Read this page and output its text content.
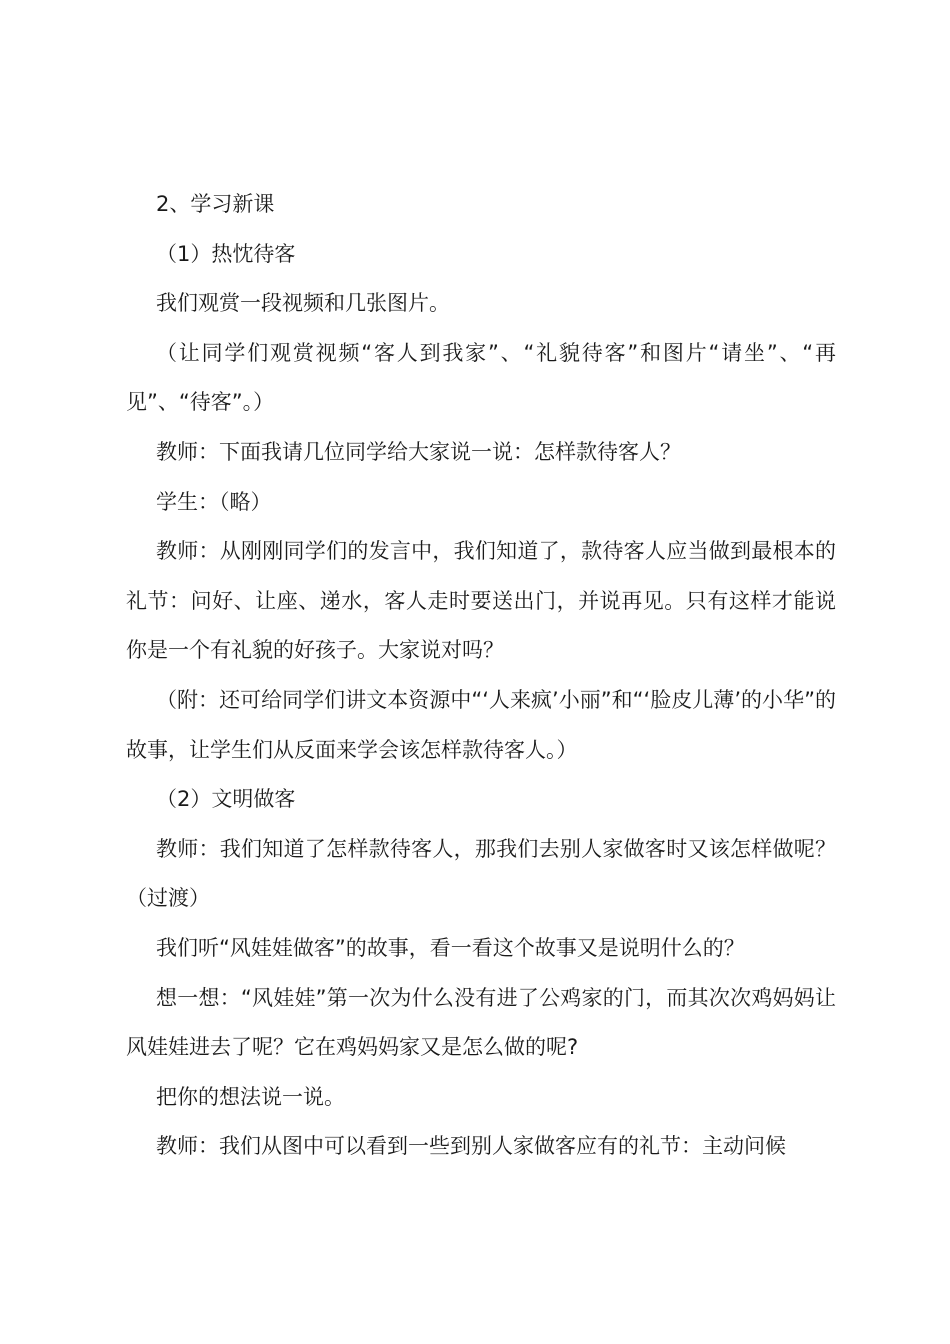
2、学习新课

（1）热忱待客

我们观赏一段视频和几张图片。

（让同学们观赏视频“客人到我家”、“礼貌待客”和图片“请坐”、“再见”、“待客”。）

教师：下面我请几位同学给大家说一说：怎样款待客人？

学生：（略）

教师：从刚刚同学们的发言中，我们知道了，款待客人应当做到最根本的礼节：问好、让座、递水，客人走时要送出门，并说再见。只有这样才能说你是一个有礼貌的好孩子。大家说对吗？

（附：还可给同学们讲文本资源中“‘人来疯’小丽”和“‘脸皮儿薄’的小华”的故事，让学生们从反面来学会该怎样款待客人。）

（2）文明做客

教师：我们知道了怎样款待客人，那我们去别人家做客时又该怎样做呢？（过渡）

我们听“风娃娃做客”的故事，看一看这个故事又是说明什么的？

想一想：“风娃娃”第一次为什么没有进了公鸡家的门，而其次次鸡妈妈让风娃娃进去了呢？它在鸡妈妈家又是怎么做的呢?

把你的想法说一说。

教师：我们从图中可以看到一些到别人家做客应有的礼节：主动问候
